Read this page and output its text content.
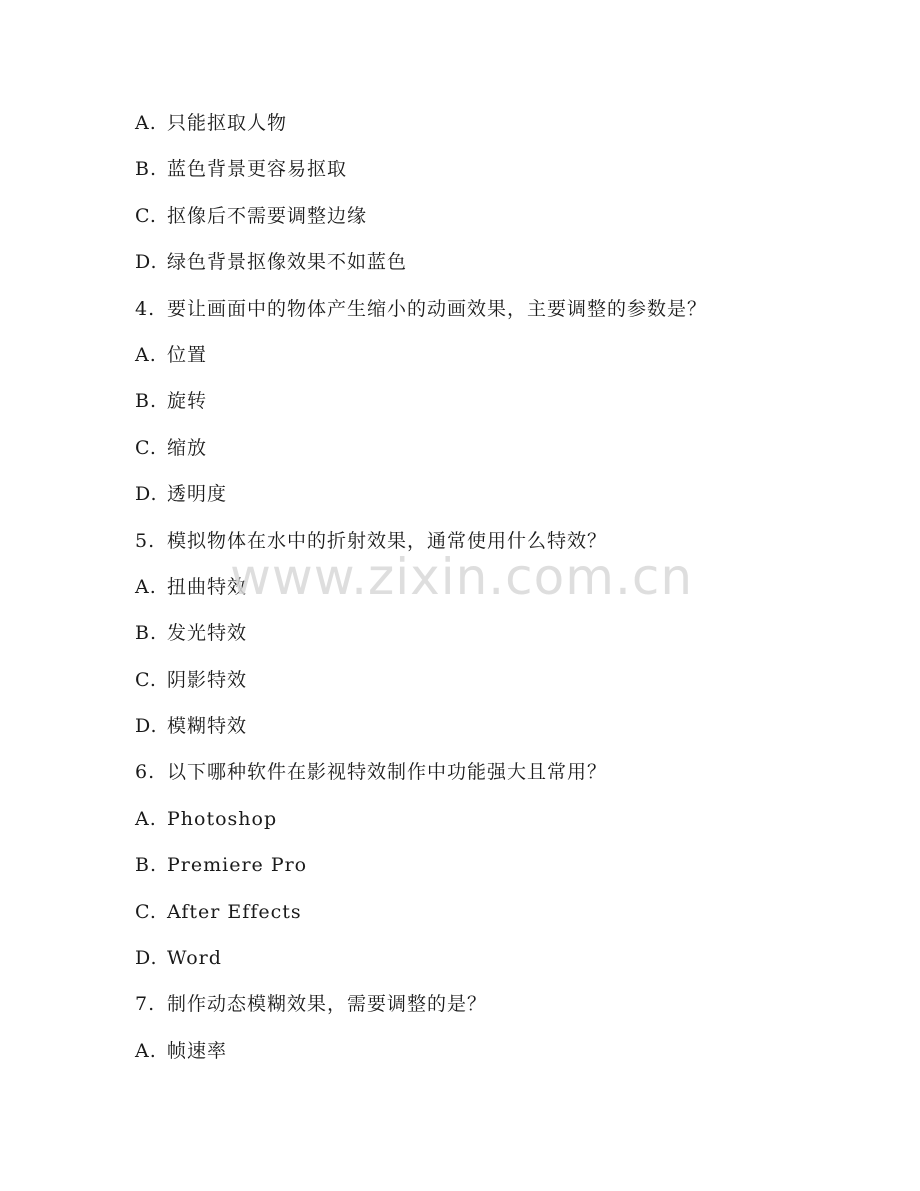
A. 只能抠取人物
B. 蓝色背景更容易抠取
C. 抠像后不需要调整边缘
D. 绿色背景抠像效果不如蓝色
4. 要让画面中的物体产生缩小的动画效果，主要调整的参数是？
A. 位置
B. 旋转
C. 缩放
D. 透明度
5. 模拟物体在水中的折射效果，通常使用什么特效？
A. 扭曲特效
B. 发光特效
C. 阴影特效
D. 模糊特效
6. 以下哪种软件在影视特效制作中功能强大且常用？
A. Photoshop
B. Premiere Pro
C. After Effects
D. Word
7. 制作动态模糊效果，需要调整的是？
A. 帧速率
www.zixin.com.cn
